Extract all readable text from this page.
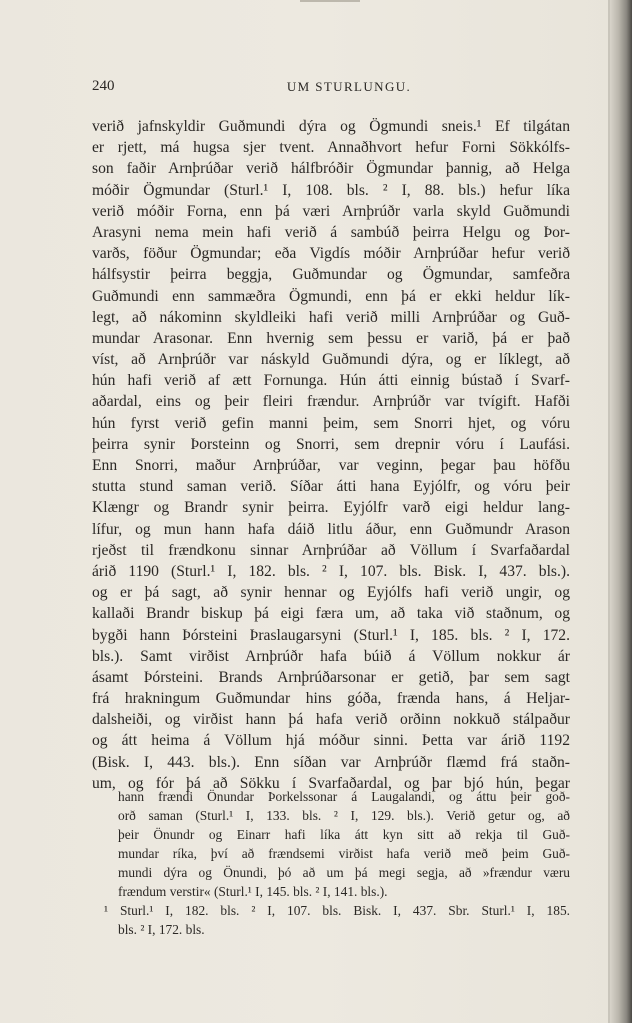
240	UM STURLUNGU.
verið jafnskyldir Guðmundi dýra og Ögmundi sneis.¹ Ef tilgátan
er rjett, má hugsa sjer tvent. Annaðhvort hefur Forni Sökkólfs-
son faðir Arnþrúðar verið hálfbróðir Ögmundar þannig, að Helga
móðir Ögmundar (Sturl.¹ I, 108. bls. ² I, 88. bls.) hefur líka
verið móðir Forna, enn þá væri Arnþrúðr varla skyld Guðmundi
Arasyni nema mein hafi verið á sambúð þeirra Helgu og Þor-
varðs, föður Ögmundar; eða Vigdís móðir Arnþrúðar hefur verið
hálfsystir þeirra beggja, Guðmundar og Ögmundar, samfeðra
Guðmundi enn sammæðra Ögmundi, enn þá er ekki heldur lík-
legt, að nákominn skyldleiki hafi verið milli Arnþrúðar og Guð-
mundar Arasonar. Enn hvernig sem þessu er varið, þá er það
víst, að Arnþrúðr var náskyld Guðmundi dýra, og er líklegt, að
hún hafi verið af ætt Fornunga. Hún átti einnig bústað í Svarf-
aðardal, eins og þeir fleiri frændur. Arnþrúðr var tvígift. Hafði
hún fyrst verið gefin manni þeim, sem Snorri hjet, og vóru
þeirra synir Þorsteinn og Snorri, sem drepnir vóru í Laufási.
Enn Snorri, maður Arnþrúðar, var veginn, þegar þau höfðu
stutta stund saman verið. Síðar átti hana Eyjólfr, og vóru þeir
Klængr og Brandr synir þeirra. Eyjólfr varð eigi heldur lang-
lífur, og mun hann hafa dáið litlu áður, enn Guðmundr Arason
rjeðst til frændkonu sinnar Arnþrúðar að Völlum í Svarfaðardal
árið 1190 (Sturl.¹ I, 182. bls. ² I, 107. bls. Bisk. I, 437. bls.).
og er þá sagt, að synir hennar og Eyjólfs hafi verið ungir, og
kallaði Brandr biskup þá eigi færa um, að taka við staðnum, og
bygði hann Þórsteini Þraslaugarsyni (Sturl.¹ I, 185. bls. ² I, 172.
bls.). Samt virðist Arnþrúðr hafa búið á Völlum nokkur ár
ásamt Þórsteini. Brands Arnþrúðarsonar er getið, þar sem sagt
frá hrakningum Guðmundar hins góða, frænda hans, á Heljar-
dalsheiði, og virðist hann þá hafa verið orðinn nokkuð stálpaður
og átt heima á Völlum hjá móður sinni. Þetta var árið 1192
(Bisk. I, 443. bls.). Enn síðan var Arnþrúðr flæmd frá staðn-
um, og fór þá að Sökku í Svarfaðardal, og þar bjó hún, þegar
hann frændi Önundar Þorkelssonar á Laugalandi, og áttu þeir goð-
orð saman (Sturl.¹ I, 133. bls. ² I, 129. bls.). Verið getur og, að
þeir Önundr og Einarr hafi líka átt kyn sitt að rekja til Guð-
mundar ríka, því að frændsemi virðist hafa verið með þeim Guð-
mundi dýra og Önundi, þó að um þá megi segja, að »frændur væru
frændum verstir« (Sturl.¹ I, 145. bls. ² I, 141. bls.).
¹ Sturl.¹ I, 182. bls. ² I, 107. bls. Bisk. I, 437. Sbr. Sturl.¹ I, 185.
bls. ² I, 172. bls.
